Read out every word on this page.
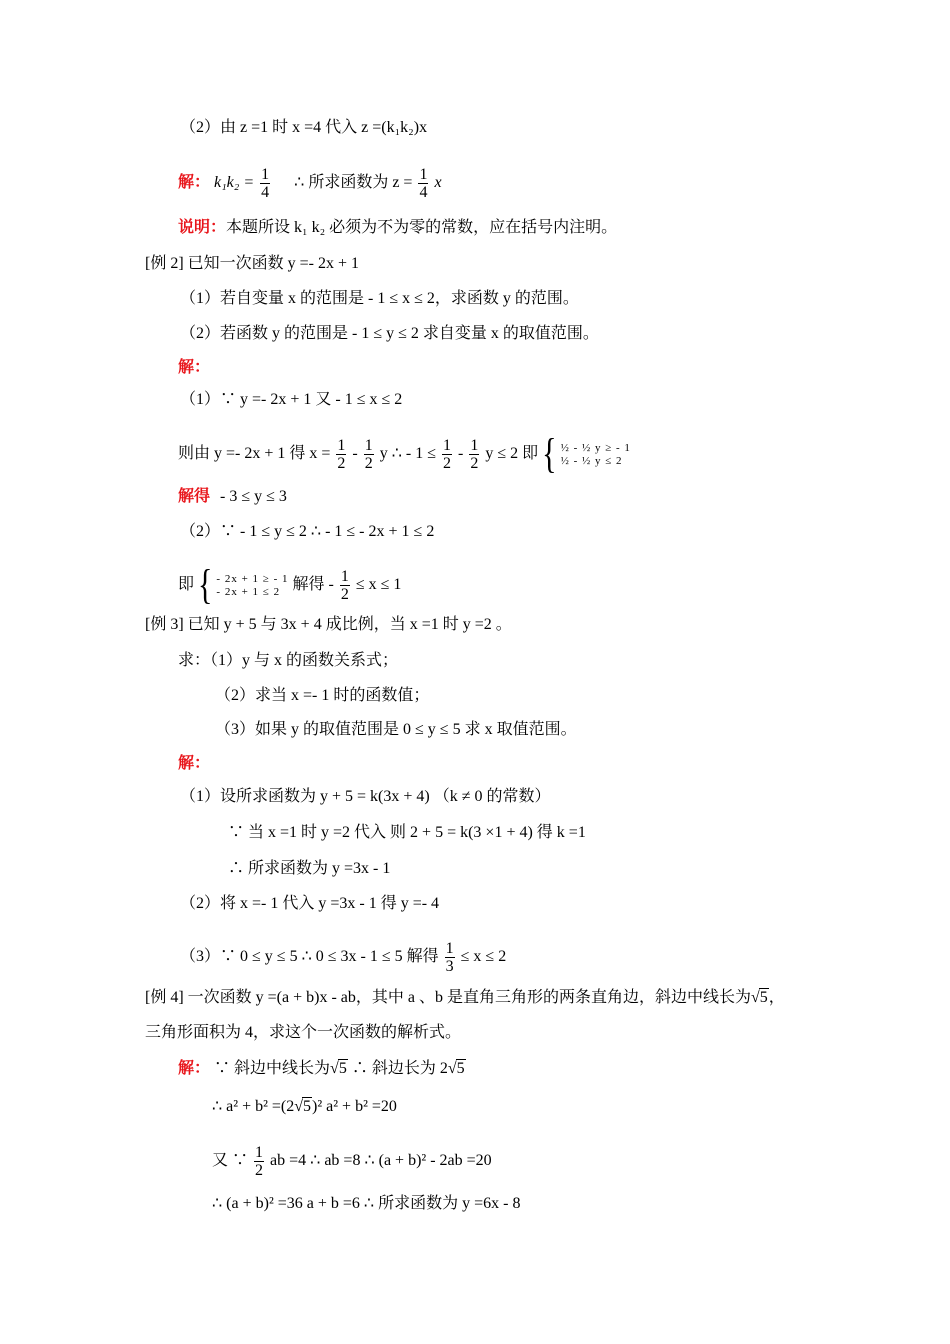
（2）由 z =1 时 x =4 代入 z =(k₁k₂)x
解： $k_1k_2 = \frac{1}{4}$ ∴ 所求函数为 $z = \frac{1}{4}$ x
说明：本题所设 k₁ k₂ 必须为不为零的常数，应在括号内注明。
[例 2] 已知一次函数 y =- 2x + 1
（1）若自变量 x 的范围是 - 1 ≤ x ≤ 2，求函数 y 的范围。
（2）若函数 y 的范围是 - 1 ≤ y ≤ 2 求自变量 x 的取值范围。
解：
（1）∵ y =- 2x + 1 又 - 1 ≤ x ≤ 2
则由 y =- 2x + 1 得 $x = \frac{1}{2} - \frac{1}{2}$ y ∴ - $1 \le \frac{1}{2} - \frac{1}{2}$ y ≤ 2 即 { ½ - ½ y ≥ - 1
½ - ½ y ≤ 2
解得 - 3 ≤ y ≤ 3
（2）∵ - 1 ≤ y ≤ 2 ∴ - 1 ≤ - 2x + 1 ≤ 2
即 { - 2x + 1 ≥ - 1
- 2x + 1 ≤ 2 解得 - $\frac{1}{2} \le x \le 1$
[例 3] 已知 y + 5 与 3x + 4 成比例，当 x =1 时 y =2 。
求：（1）y 与 x 的函数关系式；
（2）求当 x =- 1 时的函数值；
（3）如果 y 的取值范围是 0 ≤ y ≤ 5 求 x 取值范围。
解：
（1）设所求函数为 y + 5 = k(3x + 4) （k ≠ 0 的常数）
∵ 当 x =1 时 y =2 代入 则 2 + 5 = k(3 ×1 + 4) 得 k =1
∴ 所求函数为 y =3x - 1
（2）将 x =- 1 代入 y =3x - 1 得 y =- 4
（3）∵ 0 ≤ y ≤ 5 ∴ 0 ≤ 3x - 1 ≤ 5 解得 $\frac{1}{3} \le x \le 2$
[例 4] 一次函数 y =(a + b)x - ab，其中 a 、b 是直角三角形的两条直角边，斜边中线长为√5，
三角形面积为 4，求这个一次函数的解析式。
解： ∵ 斜边中线长为√5 ∴ 斜边长为 2√5
∴ a² + b² =(2√5)² a² + b² =20
又 ∵ $\frac{1}{2}$ ab =4 ∴ ab =8 ∴ (a + b)² - 2ab =20
∴ (a + b)² =36 a + b =6 ∴ 所求函数为 y =6x - 8
